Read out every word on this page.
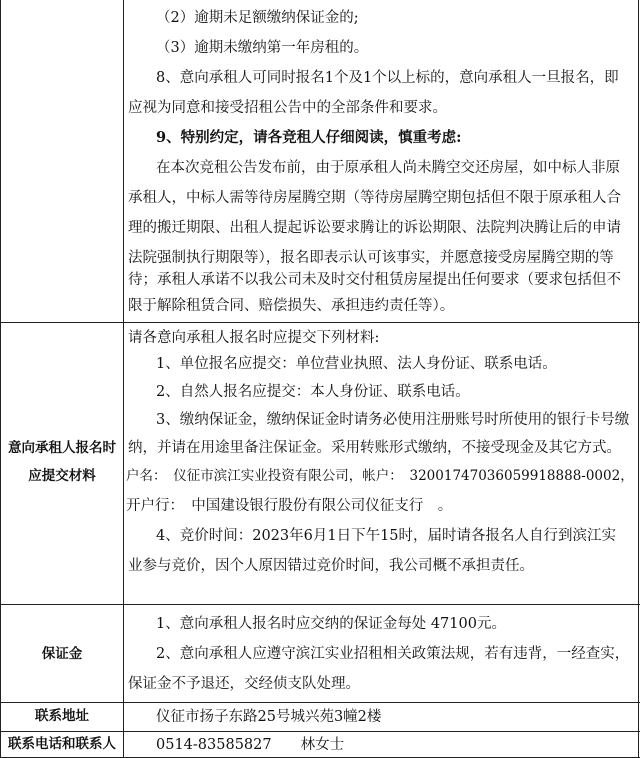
（2）逾期未足额缴纳保证金的;
（3）逾期未缴纳第一年房租的。
8、意向承租人可同时报名1个及1个以上标的，意向承租人一旦报名，即
应视为同意和接受招租公告中的全部条件和要求。
9、特别约定，请各竞租人仔细阅读，慎重考虑:
在本次竞租公告发布前，由于原承租人尚未腾空交还房屋，如中标人非原
承租人，中标人需等待房屋腾空期（等待房屋腾空期包括但不限于原承租人合
理的搬迁期限、出租人提起诉讼要求腾让的诉讼期限、法院判决腾让后的申请
法院强制执行期限等），报名即表示认可该事实，并愿意接受房屋腾空期的等
待；承租人承诺不以我公司未及时交付租赁房屋提出任何要求（要求包括但不
限于解除租赁合同、赔偿损失、承担违约责任等）。
意向承租人报名时
应提交材料
请各意向承租人报名时应提交下列材料:
1、单位报名应提交：单位营业执照、法人身份证、联系电话。
2、自然人报名应提交：本人身份证、联系电话。
3、缴纳保证金，缴纳保证金时请务必使用注册账号时所使用的银行卡号缴
纳，并请在用途里备注保证金。采用转账形式缴纳，不接受现金及其它方式。
户名：　仪征市滨江实业投资有限公司，帐户：　32001747036059918888-0002，
开户行：　中国建设银行股份有限公司仪征支行　。
4、竞价时间：2023年6月1日下午15时，届时请各报名人自行到滨江实
业参与竞价，因个人原因错过竞价时间，我公司概不承担责任。
保证金
1、意向承租人报名时应交纳的保证金每处 47100元。
2、意向承租人应遵守滨江实业招租相关政策法规，若有违背，一经查实，
保证金不予退还，交经侦支队处理。
联系地址	仪征市扬子东路25号城兴苑3幢2楼
联系电话和联系人	0514-83585827　　林女士
